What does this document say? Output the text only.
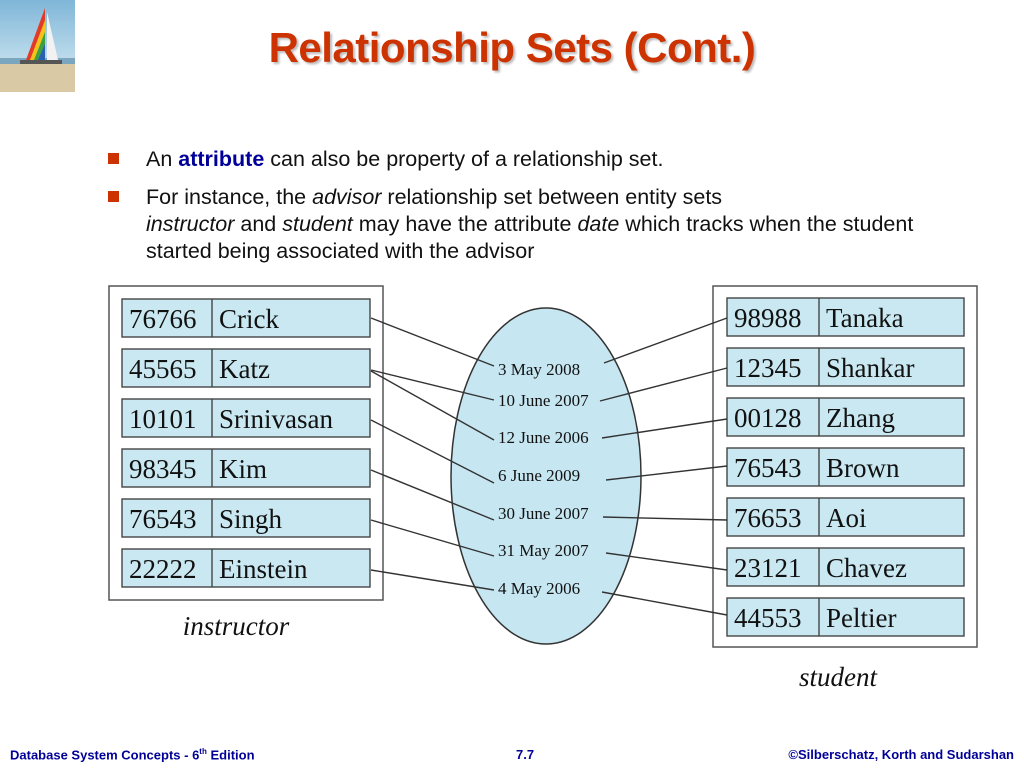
Relationship Sets (Cont.)
An attribute can also be property of a relationship set.
For instance, the advisor relationship set between entity sets
instructor and student may have the attribute date which tracks when the student started being associated with the advisor
76766 Crick
45565 Katz
10101 Srinivasan
98345 Kim
76543 Singh
22222 Einstein
98988 Tanaka
12345 Shankar
00128 Zhang
76543 Brown
76653 Aoi
23121 Chavez
44553 Peltier
3 May 2008
10 June 2007
12 June 2006
6 June 2009
30 June 2007
31 May 2007
4 May 2006
instructor
student
Database System Concepts - 6th Edition	7.7	©Silberschatz, Korth and Sudarshan
